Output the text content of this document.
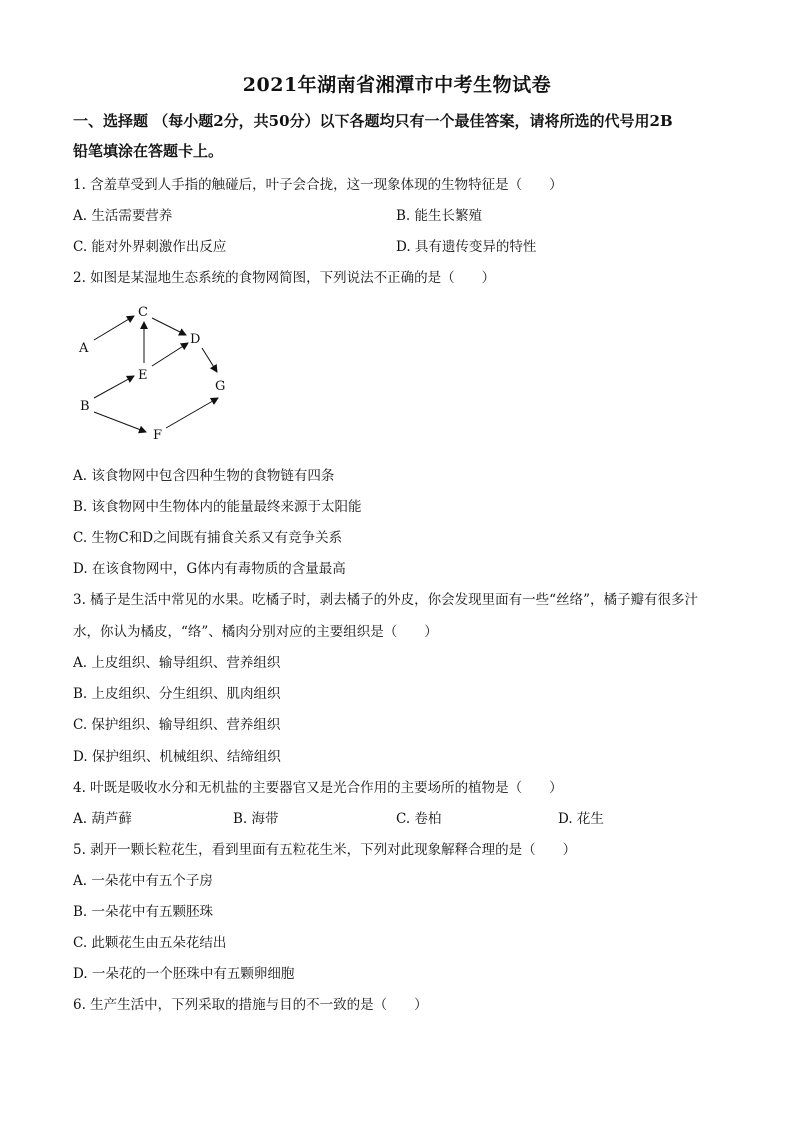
2021年湖南省湘潭市中考生物试卷
一、选择题 （每小题2分，共50分）以下各题均只有一个最佳答案，请将所选的代号用2B
铅笔填涂在答题卡上。
1. 含羞草受到人手指的触碰后，叶子会合拢，这一现象体现的生物特征是（　　）
A. 生活需要营养	B. 能生长繁殖
C. 能对外界刺激作出反应	D. 具有遗传变异的特性
2. 如图是某湿地生态系统的食物网简图，下列说法不正确的是（　　）
A
C
D
E
B
G
F
A. 该食物网中包含四种生物的食物链有四条
B. 该食物网中生物体内的能量最终来源于太阳能
C. 生物C和D之间既有捕食关系又有竞争关系
D. 在该食物网中，G体内有毒物质的含量最高
3. 橘子是生活中常见的水果。吃橘子时，剥去橘子的外皮，你会发现里面有一些“丝络”，橘子瓣有很多汁
水，你认为橘皮，“络”、橘肉分别对应的主要组织是（　　）
A. 上皮组织、输导组织、营养组织
B. 上皮组织、分生组织、肌肉组织
C. 保护组织、输导组织、营养组织
D. 保护组织、机械组织、结缔组织
4. 叶既是吸收水分和无机盐的主要器官又是光合作用的主要场所的植物是（　　）
A. 葫芦藓	B. 海带	C. 卷柏	D. 花生
5. 剥开一颗长粒花生，看到里面有五粒花生米，下列对此现象解释合理的是（　　）
A. 一朵花中有五个子房
B. 一朵花中有五颗胚珠
C. 此颗花生由五朵花结出
D. 一朵花的一个胚珠中有五颗卵细胞
6. 生产生活中，下列采取的措施与目的不一致的是（　　）
